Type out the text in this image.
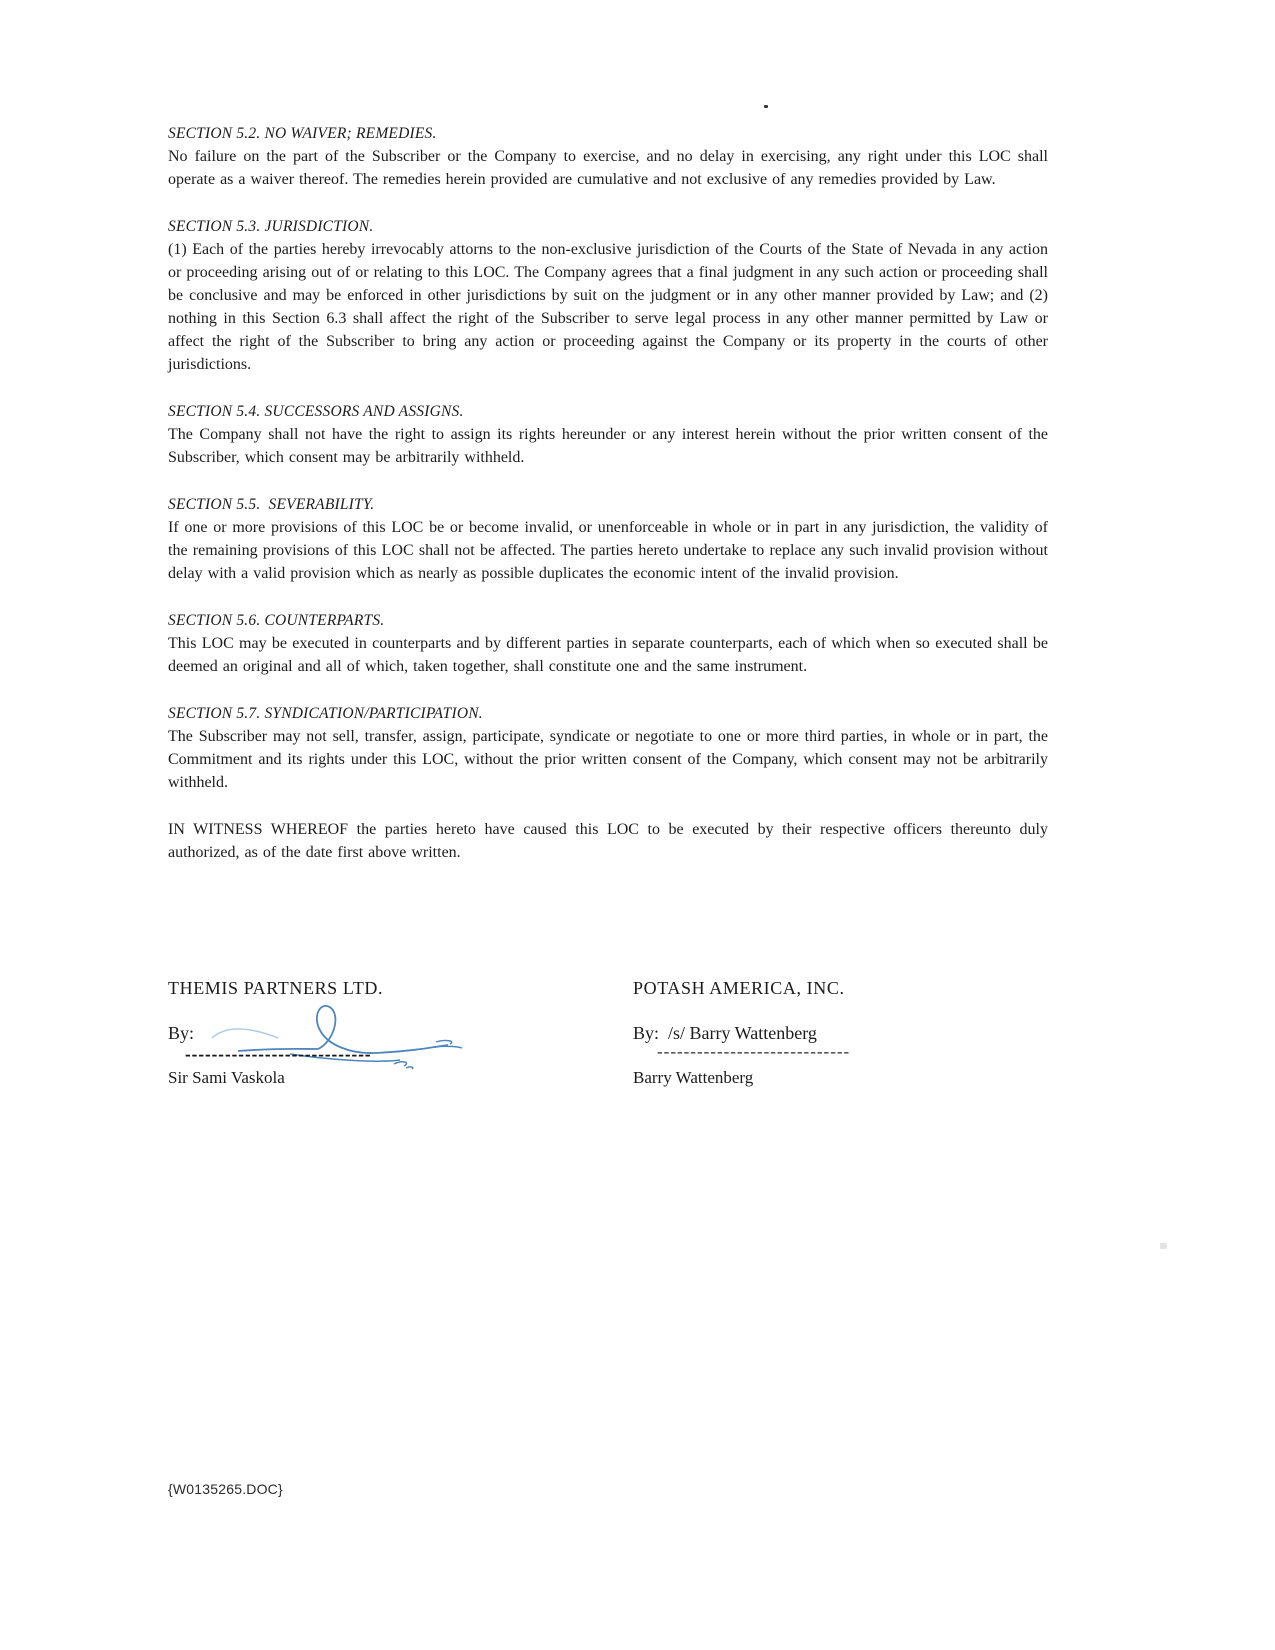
SECTION 5.2. NO WAIVER; REMEDIES.
No failure on the part of the Subscriber or the Company to exercise, and no delay in exercising, any right under this LOC shall operate as a waiver thereof. The remedies herein provided are cumulative and not exclusive of any remedies provided by Law.
SECTION 5.3. JURISDICTION.
(1) Each of the parties hereby irrevocably attorns to the non-exclusive jurisdiction of the Courts of the State of Nevada in any action or proceeding arising out of or relating to this LOC. The Company agrees that a final judgment in any such action or proceeding shall be conclusive and may be enforced in other jurisdictions by suit on the judgment or in any other manner provided by Law; and (2) nothing in this Section 6.3 shall affect the right of the Subscriber to serve legal process in any other manner permitted by Law or affect the right of the Subscriber to bring any action or proceeding against the Company or its property in the courts of other jurisdictions.
SECTION 5.4. SUCCESSORS AND ASSIGNS.
The Company shall not have the right to assign its rights hereunder or any interest herein without the prior written consent of the Subscriber, which consent may be arbitrarily withheld.
SECTION 5.5.  SEVERABILITY.
If one or more provisions of this LOC be or become invalid, or unenforceable in whole or in part in any jurisdiction, the validity of the remaining provisions of this LOC shall not be affected. The parties hereto undertake to replace any such invalid provision without delay with a valid provision which as nearly as possible duplicates the economic intent of the invalid provision.
SECTION 5.6. COUNTERPARTS.
This LOC may be executed in counterparts and by different parties in separate counterparts, each of which when so executed shall be deemed an original and all of which, taken together, shall constitute one and the same instrument.
SECTION 5.7. SYNDICATION/PARTICIPATION.
The Subscriber may not sell, transfer, assign, participate, syndicate or negotiate to one or more third parties, in whole or in part, the Commitment and its rights under this LOC, without the prior written consent of the Company, which consent may not be arbitrarily withheld.
IN WITNESS WHEREOF the parties hereto have caused this LOC to be executed by their respective officers thereunto duly authorized, as of the date first above written.
THEMIS PARTNERS LTD.
By:
----------------------------
Sir Sami Vaskola
POTASH AMERICA, INC.
By: /s/ Barry Wattenberg
-----------------------------
Barry Wattenberg
{W0135265.DOC}
